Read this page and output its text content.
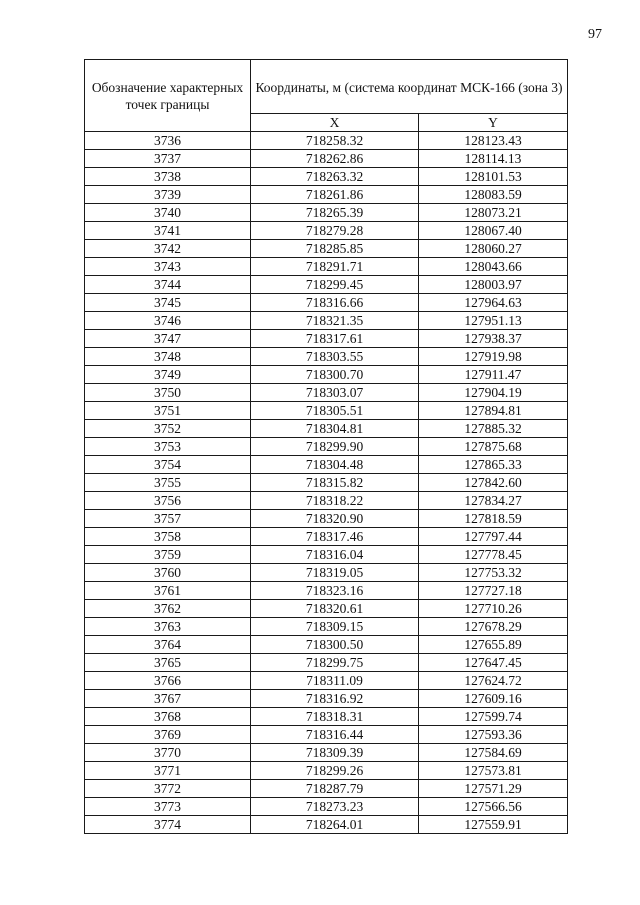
97
Обозначение характерных точек границы	Координаты, м (система координат МСК-166 (зона 3)	
	X	Y
3736	718258.32	128123.43
3737	718262.86	128114.13
3738	718263.32	128101.53
3739	718261.86	128083.59
3740	718265.39	128073.21
3741	718279.28	128067.40
3742	718285.85	128060.27
3743	718291.71	128043.66
3744	718299.45	128003.97
3745	718316.66	127964.63
3746	718321.35	127951.13
3747	718317.61	127938.37
3748	718303.55	127919.98
3749	718300.70	127911.47
3750	718303.07	127904.19
3751	718305.51	127894.81
3752	718304.81	127885.32
3753	718299.90	127875.68
3754	718304.48	127865.33
3755	718315.82	127842.60
3756	718318.22	127834.27
3757	718320.90	127818.59
3758	718317.46	127797.44
3759	718316.04	127778.45
3760	718319.05	127753.32
3761	718323.16	127727.18
3762	718320.61	127710.26
3763	718309.15	127678.29
3764	718300.50	127655.89
3765	718299.75	127647.45
3766	718311.09	127624.72
3767	718316.92	127609.16
3768	718318.31	127599.74
3769	718316.44	127593.36
3770	718309.39	127584.69
3771	718299.26	127573.81
3772	718287.79	127571.29
3773	718273.23	127566.56
3774	718264.01	127559.91
